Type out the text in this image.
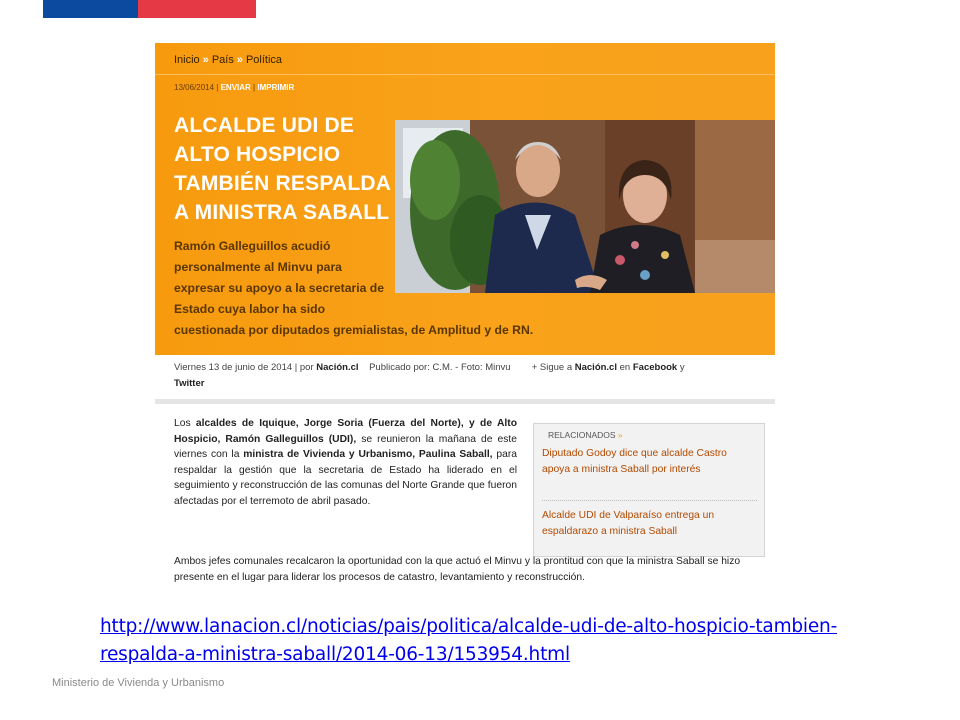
Inicio » País » Política
13/06/2014 | ENVIAR | IMPRIMIR
ALCALDE UDI DE ALTO HOSPICIO TAMBIÉN RESPALDA A MINISTRA SABALL
Ramón Galleguillos acudió personalmente al Minvu para expresar su apoyo a la secretaria de Estado cuya labor ha sido
cuestionada por diputados gremialistas, de Amplitud y de RN.
Viernes 13 de junio de 2014 | por Nación.cl Publicado por: C.M. - Foto: Minvu + Sigue a Nación.cl en Facebook y
Twitter

Los alcaldes de Iquique, Jorge Soria (Fuerza del Norte), y de Alto Hospicio, Ramón Galleguillos (UDI), se reunieron la mañana de este viernes con la ministra de Vivienda y Urbanismo, Paulina Saball, para respaldar la gestión que la secretaria de Estado ha liderado en el seguimiento y reconstrucción de las comunas del Norte Grande que fueron afectadas por el terremoto de abril pasado.

RELACIONADOS »
Diputado Godoy dice que alcalde Castro apoya a ministra Saball por interés
Alcalde UDI de Valparaíso entrega un espaldarazo a ministra Saball

Ambos jefes comunales recalcaron la oportunidad con la que actuó el Minvu y la prontitud con que la ministra Saball se hizo presente en el lugar para liderar los procesos de catastro, levantamiento y reconstrucción.

http://www.lanacion.cl/noticias/pais/politica/alcalde-udi-de-alto-hospicio-tambien-
respalda-a-ministra-saball/2014-06-13/153954.html
Ministerio de Vivienda y Urbanismo
